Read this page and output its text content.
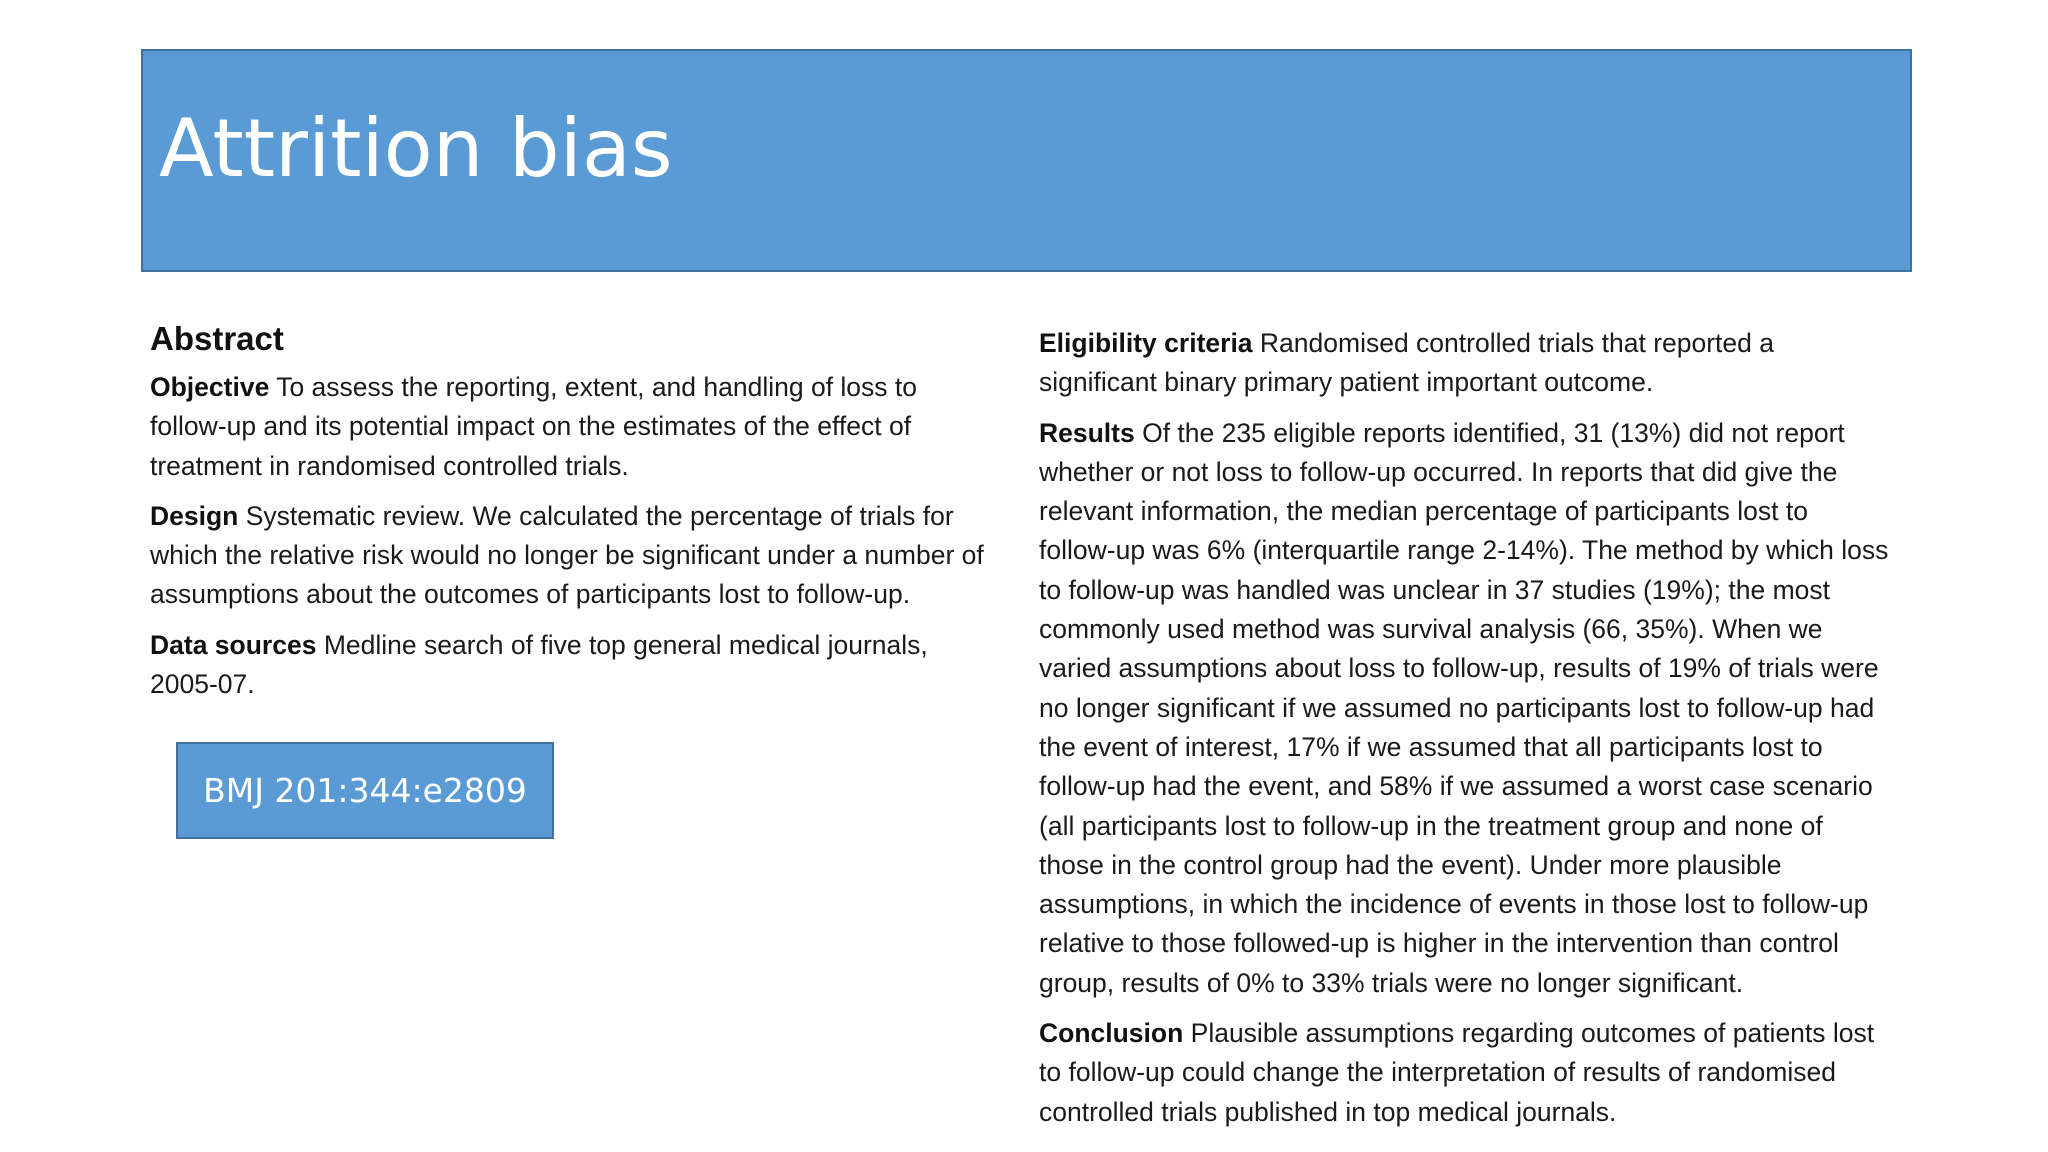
Attrition bias
Abstract

Objective To assess the reporting, extent, and handling of loss to follow-up and its potential impact on the estimates of the effect of treatment in randomised controlled trials.

Design Systematic review. We calculated the percentage of trials for which the relative risk would no longer be significant under a number of assumptions about the outcomes of participants lost to follow-up.

Data sources Medline search of five top general medical journals, 2005-07.

BMJ 201:344:e2809

Eligibility criteria Randomised controlled trials that reported a significant binary primary patient important outcome.

Results Of the 235 eligible reports identified, 31 (13%) did not report whether or not loss to follow-up occurred. In reports that did give the relevant information, the median percentage of participants lost to follow-up was 6% (interquartile range 2-14%). The method by which loss to follow-up was handled was unclear in 37 studies (19%); the most commonly used method was survival analysis (66, 35%). When we varied assumptions about loss to follow-up, results of 19% of trials were no longer significant if we assumed no participants lost to follow-up had the event of interest, 17% if we assumed that all participants lost to follow-up had the event, and 58% if we assumed a worst case scenario (all participants lost to follow-up in the treatment group and none of those in the control group had the event). Under more plausible assumptions, in which the incidence of events in those lost to follow-up relative to those followed-up is higher in the intervention than control group, results of 0% to 33% trials were no longer significant.

Conclusion Plausible assumptions regarding outcomes of patients lost to follow-up could change the interpretation of results of randomised controlled trials published in top medical journals.
